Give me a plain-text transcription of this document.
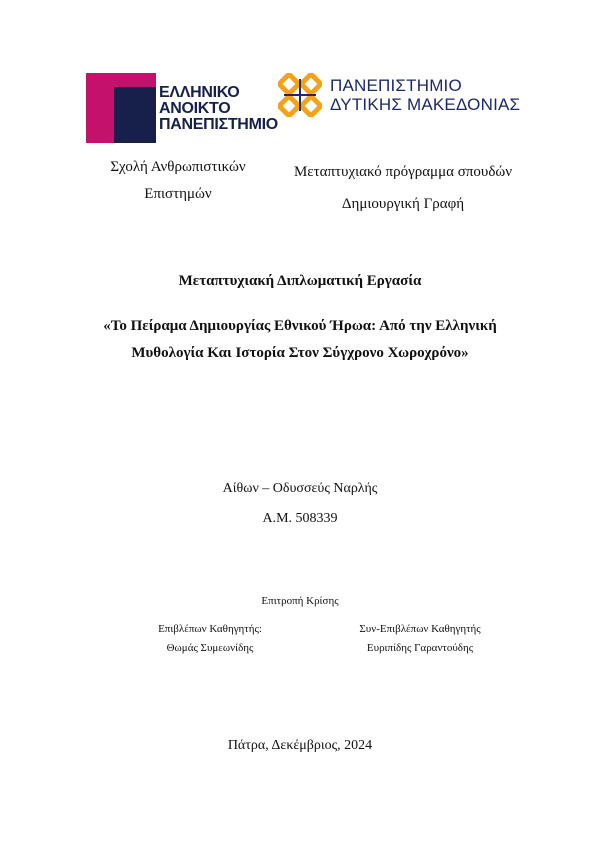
ΕΛΛΗΝΙΚΟ
ΑΝΟΙΚΤΟ
ΠΑΝΕΠΙΣΤΗΜΙΟ
ΠΑΝΕΠΙΣΤΗΜΙΟ
ΔΥΤΙΚΗΣ ΜΑΚΕΔΟΝΙΑΣ
Σχολή Ανθρωπιστικών
Επιστημών
Μεταπτυχιακό πρόγραμμα σπουδών
Δημιουργική Γραφή
Μεταπτυχιακή Διπλωματική Εργασία
«Το Πείραμα Δημιουργίας Εθνικού Ήρωα: Από την Ελληνική
Μυθολογία Και Ιστορία Στον Σύγχρονο Χωροχρόνο»
Αίθων – Οδυσσεύς Ναρλής
Α.Μ. 508339
Επιτροπή Κρίσης
Επιβλέπων Καθηγητής:
Θωμάς Συμεωνίδης
Συν-Επιβλέπων Καθηγητής
Ευριπίδης Γαραντούδης
Πάτρα, Δεκέμβριος, 2024
